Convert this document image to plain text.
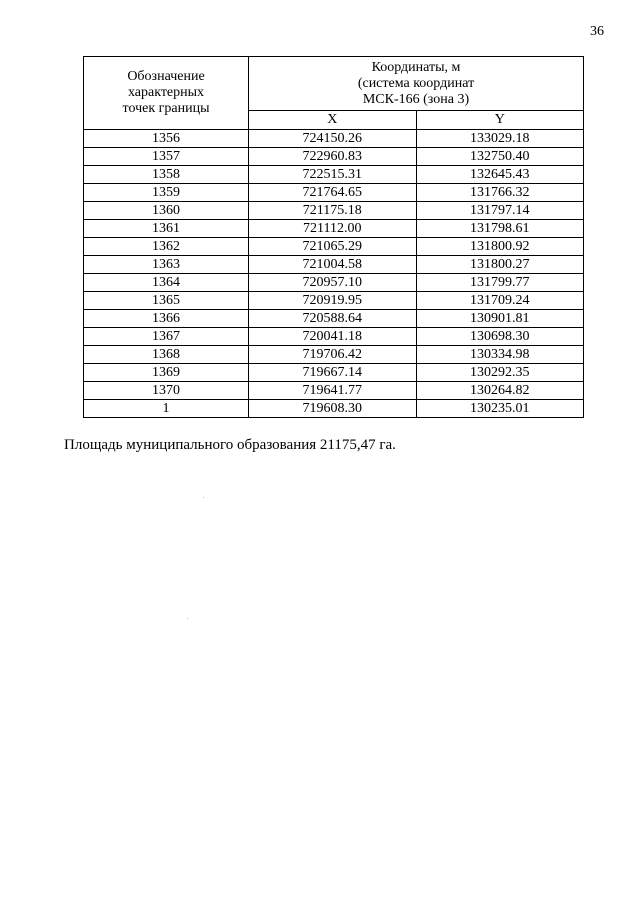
36
Обозначение
характерных
точек границы	Координаты, м
(система координат
МСК-166 (зона 3)	
	X	Y
1356	724150.26	133029.18
1357	722960.83	132750.40
1358	722515.31	132645.43
1359	721764.65	131766.32
1360	721175.18	131797.14
1361	721112.00	131798.61
1362	721065.29	131800.92
1363	721004.58	131800.27
1364	720957.10	131799.77
1365	720919.95	131709.24
1366	720588.64	130901.81
1367	720041.18	130698.30
1368	719706.42	130334.98
1369	719667.14	130292.35
1370	719641.77	130264.82
1	719608.30	130235.01
Площадь муниципального образования 21175,47 га.
